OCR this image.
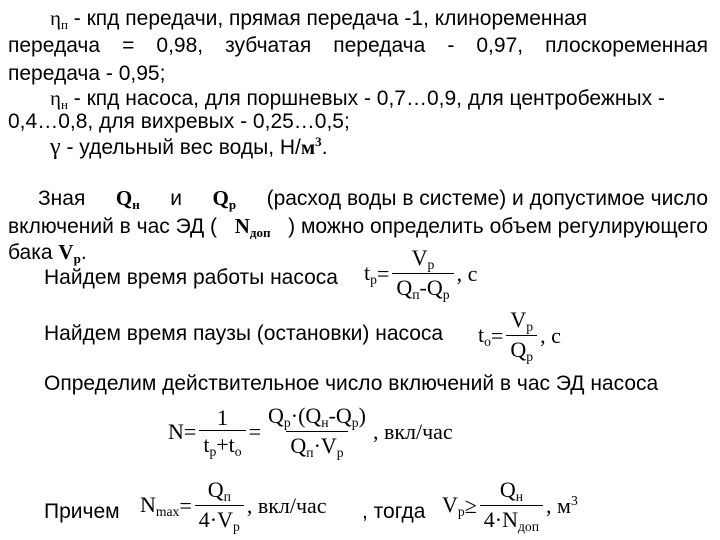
$\eta_п$ - кпд передачи, прямая передача -1, клиноременная
передача = 0,98, зубчатая передача - 0,97, плоскоременная
передача - 0,95;
$\eta_н$ - кпд насоса, для поршневых - 0,7…0,9, для центробежных -
0,4…0,8, для вихревых - 0,25…0,5;
γ - удельный вес воды, $Н/м^3$.
Зная $Q_н$ и $Q_р$ (расход воды в системе) и допустимое число
включений в час ЭД ( $N_{доп}$ ) можно определить объем регулирующего
бака $V_р$.
Найдем время работы насоса $t_р = \frac{V_р}{Q_п-Q_р}$ , с
Найдем время паузы (остановки) насоса $t_о = \frac{V_р}{Q_р}$ , с
Определим действительное число включений в час ЭД насоса
$N = \frac{1}{t_р+t_о} = \frac{Q_р\cdot(Q_н-Q_р)}{Q_п\cdot V_р}$ , вкл/час
Причем $N_{max} = \frac{Q_п}{4\cdot V_р}$ , вкл/час , тогда $V_р \ge \frac{Q_н}{4\cdot N_{доп}}$ , $м^3$
